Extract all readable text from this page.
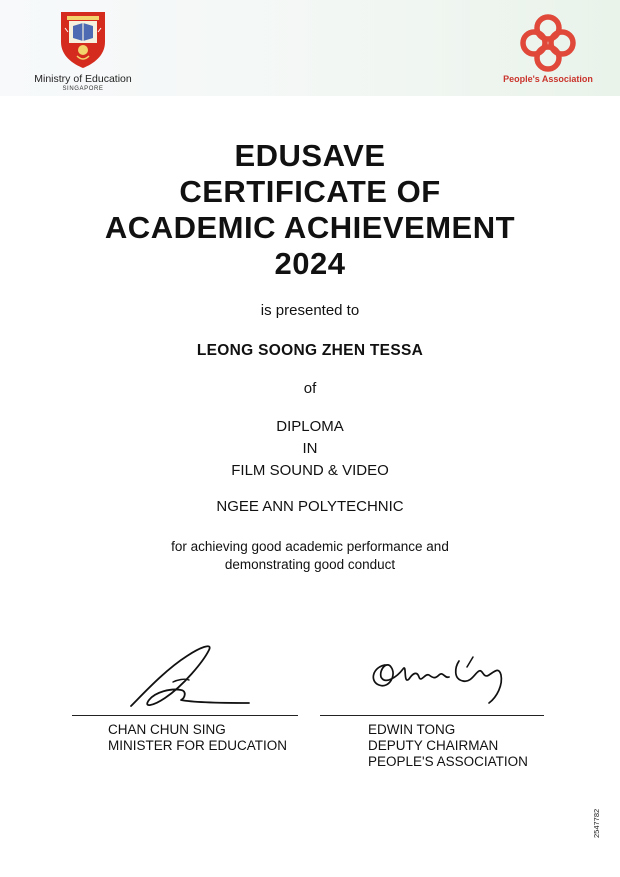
Ministry of Education
SINGAPORE
People's Association
EDUSAVE
CERTIFICATE OF
ACADEMIC ACHIEVEMENT
2024
is presented to
LEONG SOONG ZHEN TESSA
of
DIPLOMA
IN
FILM SOUND & VIDEO
NGEE ANN POLYTECHNIC
for achieving good academic performance and
demonstrating good conduct
CHAN CHUN SING
MINISTER FOR EDUCATION
EDWIN TONG
DEPUTY CHAIRMAN
PEOPLE'S ASSOCIATION
2547782
